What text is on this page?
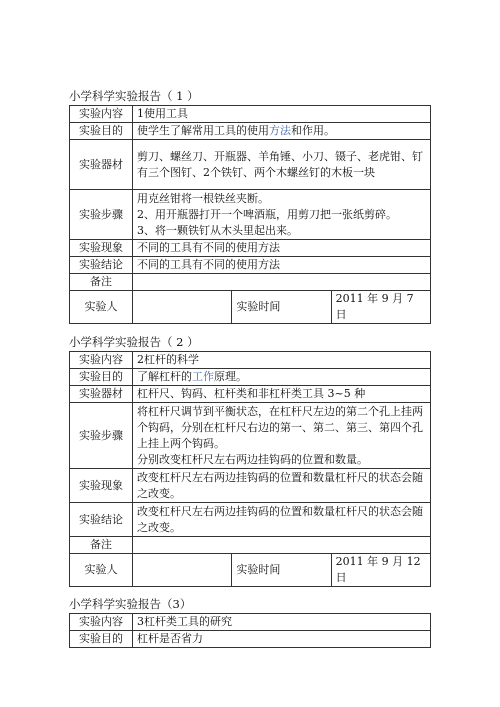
小学科学实验报告（ 1 ）
实验内容	1使用工具		
实验目的	使学生了解常用工具的使用方法和作用。		
实验器材	剪刀、螺丝刀、开瓶器、羊角锤、小刀、镊子、老虎钳、钉有三个图钉、2个铁钉、两个木螺丝钉的木板一块		
实验步骤	用克丝钳将一根铁丝夹断。
2、用开瓶器打开一个啤酒瓶，用剪刀把一张纸剪碎。
3、将一颗铁钉从木头里起出来。		

实验现象	不同的工具有不同的使用方法		
实验结论	不同的工具有不同的使用方法		
备注			
实验人		实验时间	2011 年 9 月 7 日
小学科学实验报告（ 2 ）
实验内容	2杠杆的科学		
实验目的	了解杠杆的工作原理。		
实验器材	杠杆尺、钩码、杠杆类和非杠杆类工具 3~5 种		
实验步骤	将杠杆尺调节到平衡状态，在杠杆尺左边的第二个孔上挂两个钩码，分别在杠杆尺右边的第一、第二、第三、第四个孔上挂上两个钩码。
分别改变杠杆尺左右两边挂钩码的位置和数量。		

实验现象	改变杠杆尺左右两边挂钩码的位置和数量杠杆尺的状态会随之改变。		
实验结论	改变杠杆尺左右两边挂钩码的位置和数量杠杆尺的状态会随之改变。		
备注			
实验人		实验时间	2011 年 9 月 12 日
小学科学实验报告（3）
实验内容	3杠杆类工具的研究
实验目的	杠杆是否省力
